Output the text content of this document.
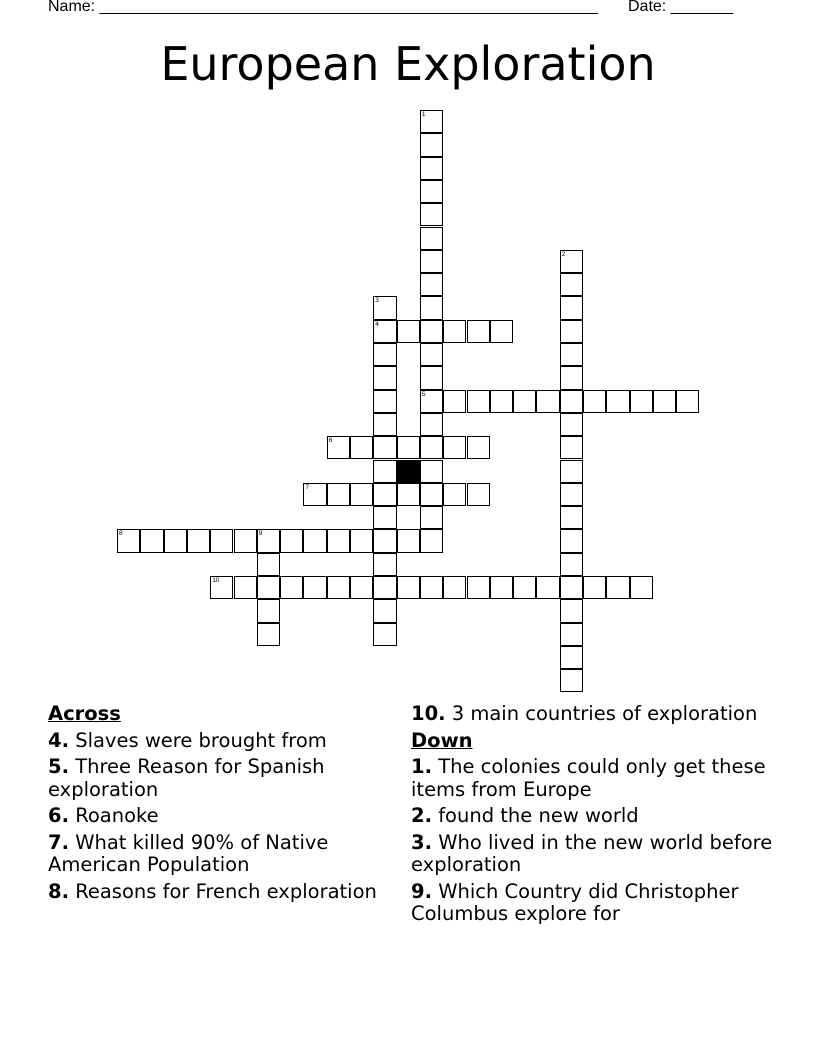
Name: ________________________________________________________ Date: _______
European Exploration
1
5
2
3
4
9
6
7
8
10
Across
4. Slaves were brought from
5. Three Reason for Spanish exploration
6. Roanoke
7. What killed 90% of Native American Population
8. Reasons for French exploration
10. 3 main countries of exploration
Down
1. The colonies could only get these items from Europe
2. found the new world
3. Who lived in the new world before exploration
9. Which Country did Christopher Columbus explore for
